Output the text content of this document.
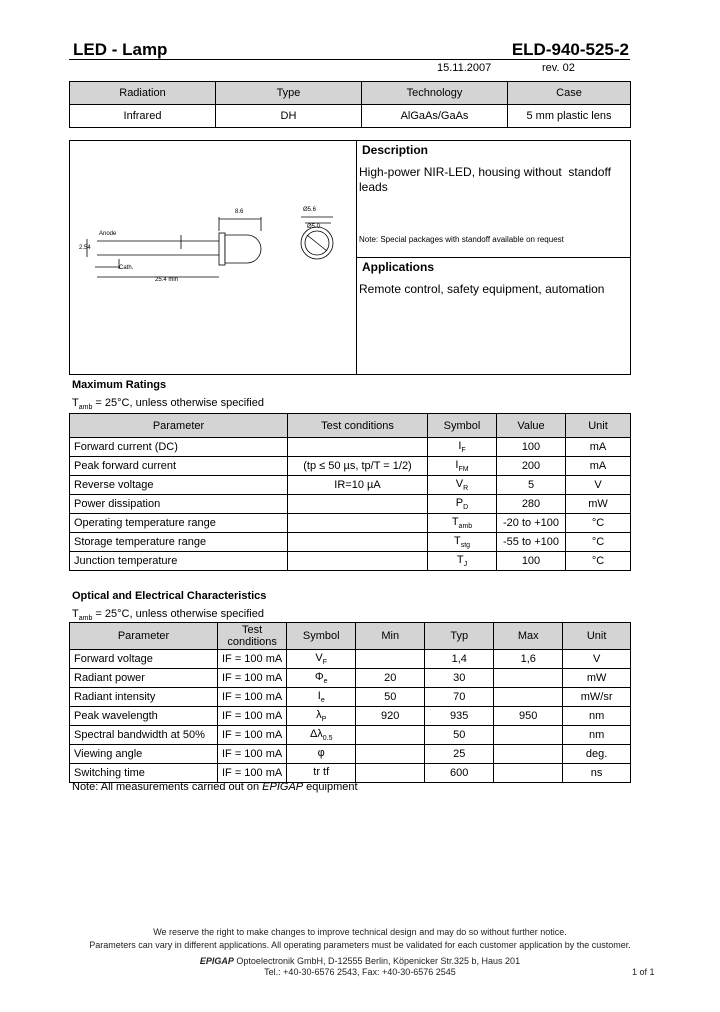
LED - Lamp	ELD-940-525-2
15.11.2007	rev. 02
Radiation	Type	Technology	Case
Infrared	DH	AlGaAs/GaAs	5 mm plastic lens
8.6	Ø5.6
Ø5.0
25.4 min
2.54
Anode
Cath.
Description
High-power NIR-LED, housing without  standoff leads
Note: Special packages with standoff available on request
Applications
Remote control, safety equipment, automation
Maximum Ratings
$T_{amb} = 25^\circ C$, unless otherwise specified
Parameter	Test conditions	Symbol	Value	Unit
Forward current (DC)		$I_F$	100	mA
Peak forward current	(tp ≤ 50 µs, tp/T = 1/2)	$I_{FM}$	200	mA
Reverse voltage	IR=10 µA	$V_R$	5	V
Power dissipation		$P_D$	280	mW
Operating temperature range		$T_{amb}$	-20 to +100	°C
Storage temperature range		$T_{stg}$	-55 to +100	°C
Junction temperature		$T_J$	100	°C
Optical and Electrical Characteristics
$T_{amb} = 25^\circ C$, unless otherwise specified
Parameter	Test conditions	Symbol	Min	Typ	Max	Unit
Forward voltage	IF = 100 mA	$V_F$		1,4	1,6	V
Radiant power	IF = 100 mA	$\Phi_e$	20	30		mW
Radiant intensity	IF = 100 mA	$I_e$	50	70		mW/sr
Peak wavelength	IF = 100 mA	$\lambda_P$	920	935	950	nm
Spectral bandwidth at 50%	IF = 100 mA	$\Delta\lambda_{0.5}$		50		nm
Viewing angle	IF = 100 mA	φ		25		deg.
Switching time	IF = 100 mA	tr tf		600		ns
Note: All measurements carried out on EPIGAP equipment
We reserve the right to make changes to improve technical design and may do so without further notice.
Parameters can vary in different applications. All operating parameters must be validated for each customer application by the customer.
EPIGAP Optoelectronik GmbH, D-12555 Berlin, Köpenicker Str.325 b, Haus 201
Tel.: +40-30-6576 2543, Fax: +40-30-6576 2545	1 of 1
